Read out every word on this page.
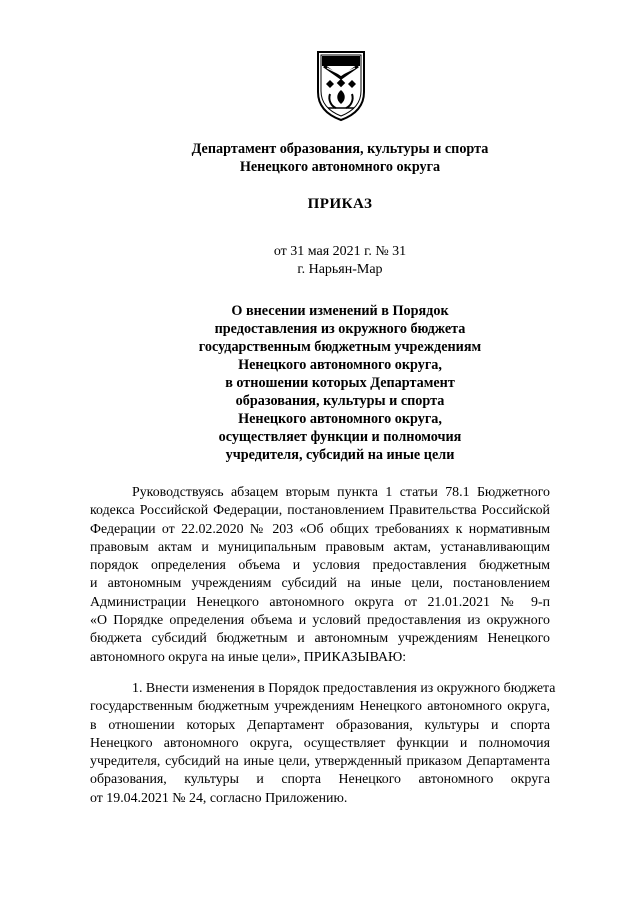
Департамент образования, культуры и спорта
Ненецкого автономного округа
ПРИКАЗ
от 31 мая 2021 г. № 31
г. Нарьян-Мар
О внесении изменений в Порядок
предоставления из окружного бюджета
государственным бюджетным учреждениям
Ненецкого автономного округа,
в отношении которых Департамент
образования, культуры и спорта
Ненецкого автономного округа,
осуществляет функции и полномочия
учредителя, субсидий на иные цели
Руководствуясь абзацем вторым пункта 1 статьи 78.1 Бюджетного
кодекса Российской Федерации, постановлением Правительства Российской
Федерации от 22.02.2020 № 203 «Об общих требованиях к нормативным
правовым актам и муниципальным правовым актам, устанавливающим
порядок определения объема и условия предоставления бюджетным
и автономным учреждениям субсидий на иные цели, постановлением
Администрации Ненецкого автономного округа от 21.01.2021 № 9-п
«О Порядке определения объема и условий предоставления из окружного
бюджета субсидий бюджетным и автономным учреждениям Ненецкого
автономного округа на иные цели», ПРИКАЗЫВАЮ:
1. Внести изменения в Порядок предоставления из окружного бюджета
государственным бюджетным учреждениям Ненецкого автономного округа,
в отношении которых Департамент образования, культуры и спорта
Ненецкого автономного округа, осуществляет функции и полномочия
учредителя, субсидий на иные цели, утвержденный приказом Департамента
образования, культуры и спорта Ненецкого автономного округа
от 19.04.2021 № 24, согласно Приложению.
